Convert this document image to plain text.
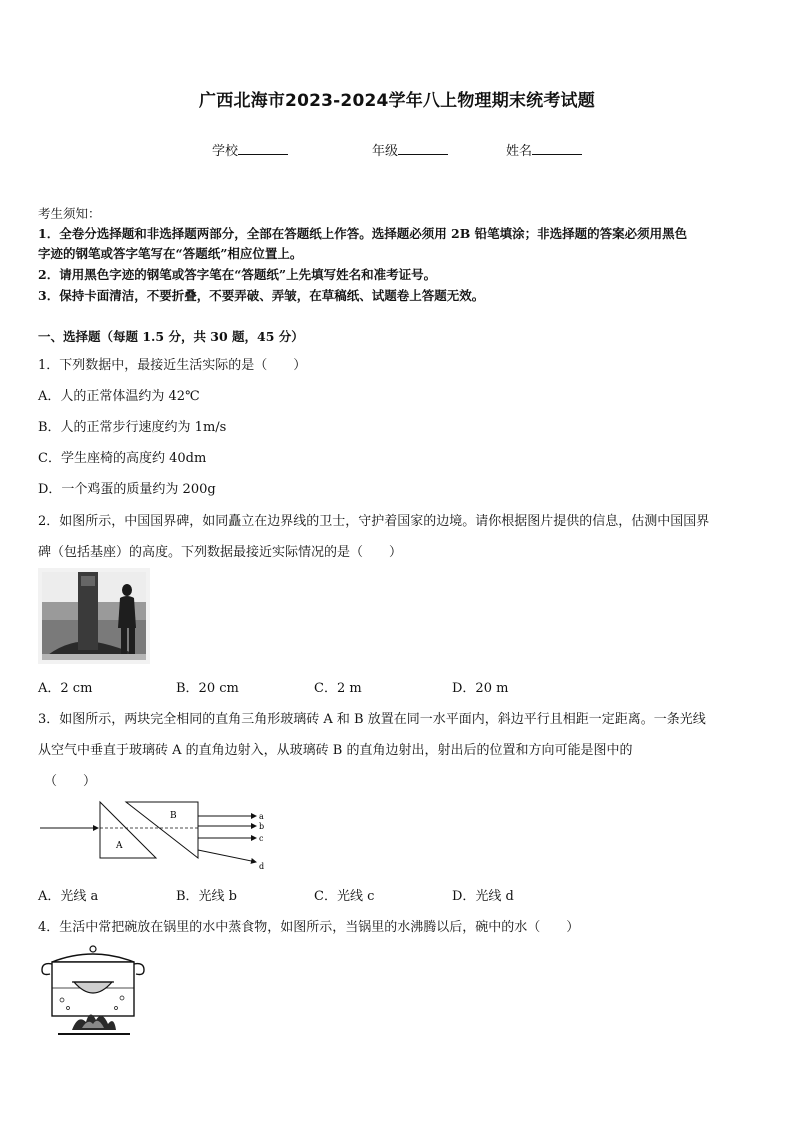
广西北海市2023-2024学年八上物理期末统考试题
学校	年级	姓名
考生须知：
1．全卷分选择题和非选择题两部分，全部在答题纸上作答。选择题必须用 2B 铅笔填涂；非选择题的答案必须用黑色
字迹的钢笔或答字笔写在“答题纸”相应位置上。
2．请用黑色字迹的钢笔或答字笔在“答题纸”上先填写姓名和准考证号。
3．保持卡面清洁，不要折叠，不要弄破、弄皱，在草稿纸、试题卷上答题无效。
一、选择题（每题 1.5 分，共 30 题，45 分）
1．下列数据中，最接近生活实际的是（　　）
A．人的正常体温约为 42℃
B．人的正常步行速度约为 1m/s
C．学生座椅的高度约 40dm
D．一个鸡蛋的质量约为 200g
2．如图所示，中国国界碑，如同矗立在边界线的卫士，守护着国家的边境。请你根据图片提供的信息，估测中国国界
碑（包括基座）的高度。下列数据最接近实际情况的是（　　）
A．2 cm	B．20 cm	C．2 m	D．20 m
3．如图所示，两块完全相同的直角三角形玻璃砖 A 和 B 放置在同一水平面内，斜边平行且相距一定距离。一条光线
从空气中垂直于玻璃砖 A 的直角边射入，从玻璃砖 B 的直角边射出，射出后的位置和方向可能是图中的
（　　）
A
B	a
b
c
d
A．光线 a	B．光线 b	C．光线 c	D．光线 d
4．生活中常把碗放在锅里的水中蒸食物，如图所示，当锅里的水沸腾以后，碗中的水（　　）
